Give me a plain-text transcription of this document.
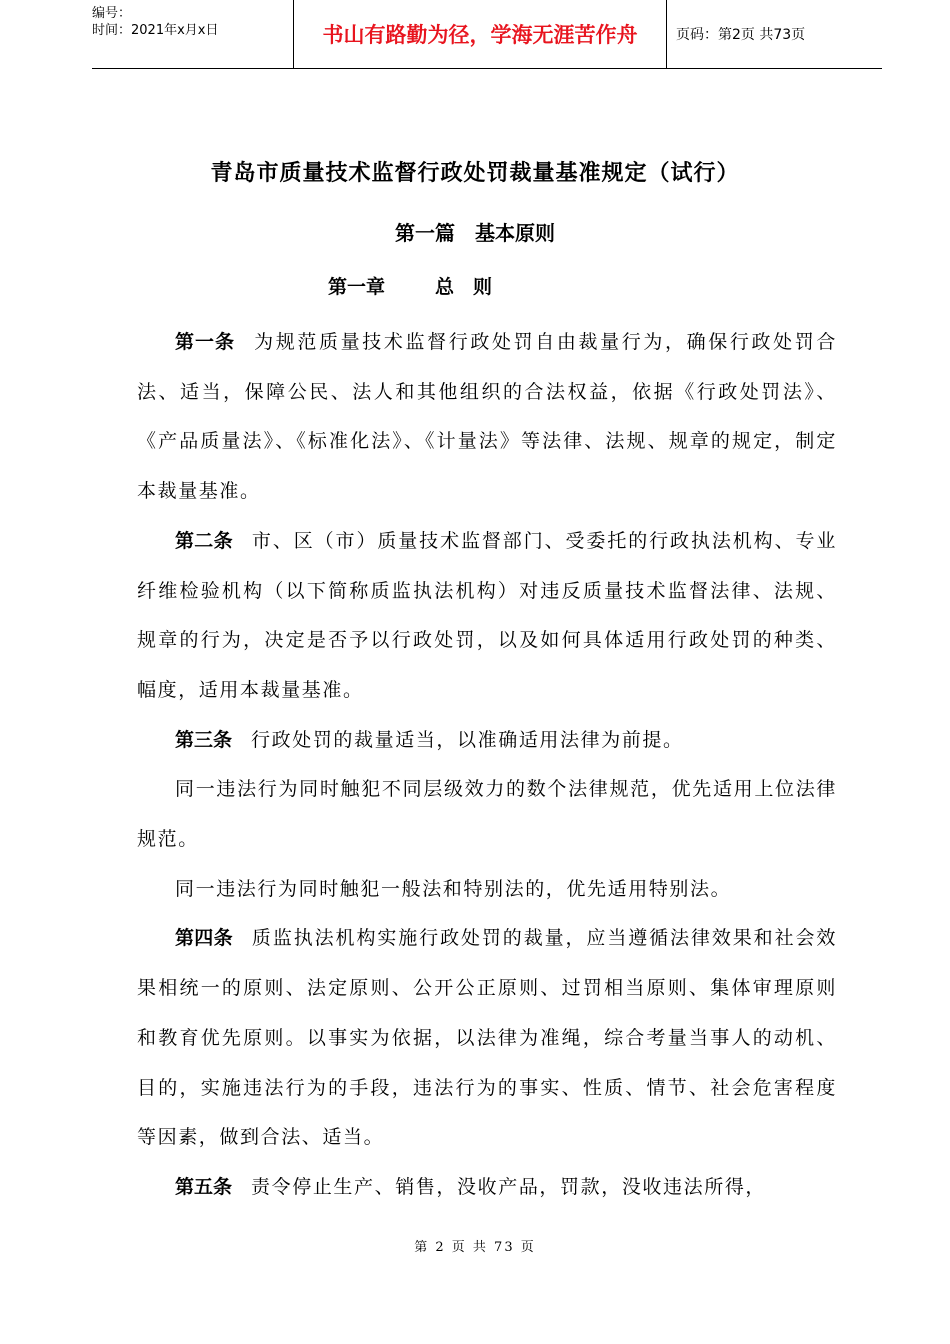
编号：
时间：2021年x月x日	书山有路勤为径，学海无涯苦作舟	页码：第2页 共73页
青岛市质量技术监督行政处罚裁量基准规定（试行）
第一篇　基本原则
第一章	总　则

第一条 为规范质量技术监督行政处罚自由裁量行为，确保行政处罚合法、适当，保障公民、法人和其他组织的合法权益，依据《行政处罚法》、《产品质量法》、《标准化法》、《计量法》等法律、法规、规章的规定，制定本裁量基准。

第二条 市、区（市）质量技术监督部门、受委托的行政执法机构、专业纤维检验机构（以下简称质监执法机构）对违反质量技术监督法律、法规、规章的行为，决定是否予以行政处罚，以及如何具体适用行政处罚的种类、幅度，适用本裁量基准。

第三条 行政处罚的裁量适当，以准确适用法律为前提。

同一违法行为同时触犯不同层级效力的数个法律规范，优先适用上位法律规范。

同一违法行为同时触犯一般法和特别法的，优先适用特别法。

第四条 质监执法机构实施行政处罚的裁量，应当遵循法律效果和社会效果相统一的原则、法定原则、公开公正原则、过罚相当原则、集体审理原则和教育优先原则。以事实为依据，以法律为准绳，综合考量当事人的动机、目的，实施违法行为的手段，违法行为的事实、性质、情节、社会危害程度等因素，做到合法、适当。

第五条 责令停止生产、销售，没收产品，罚款，没收违法所得，

第 2 页 共 73 页
